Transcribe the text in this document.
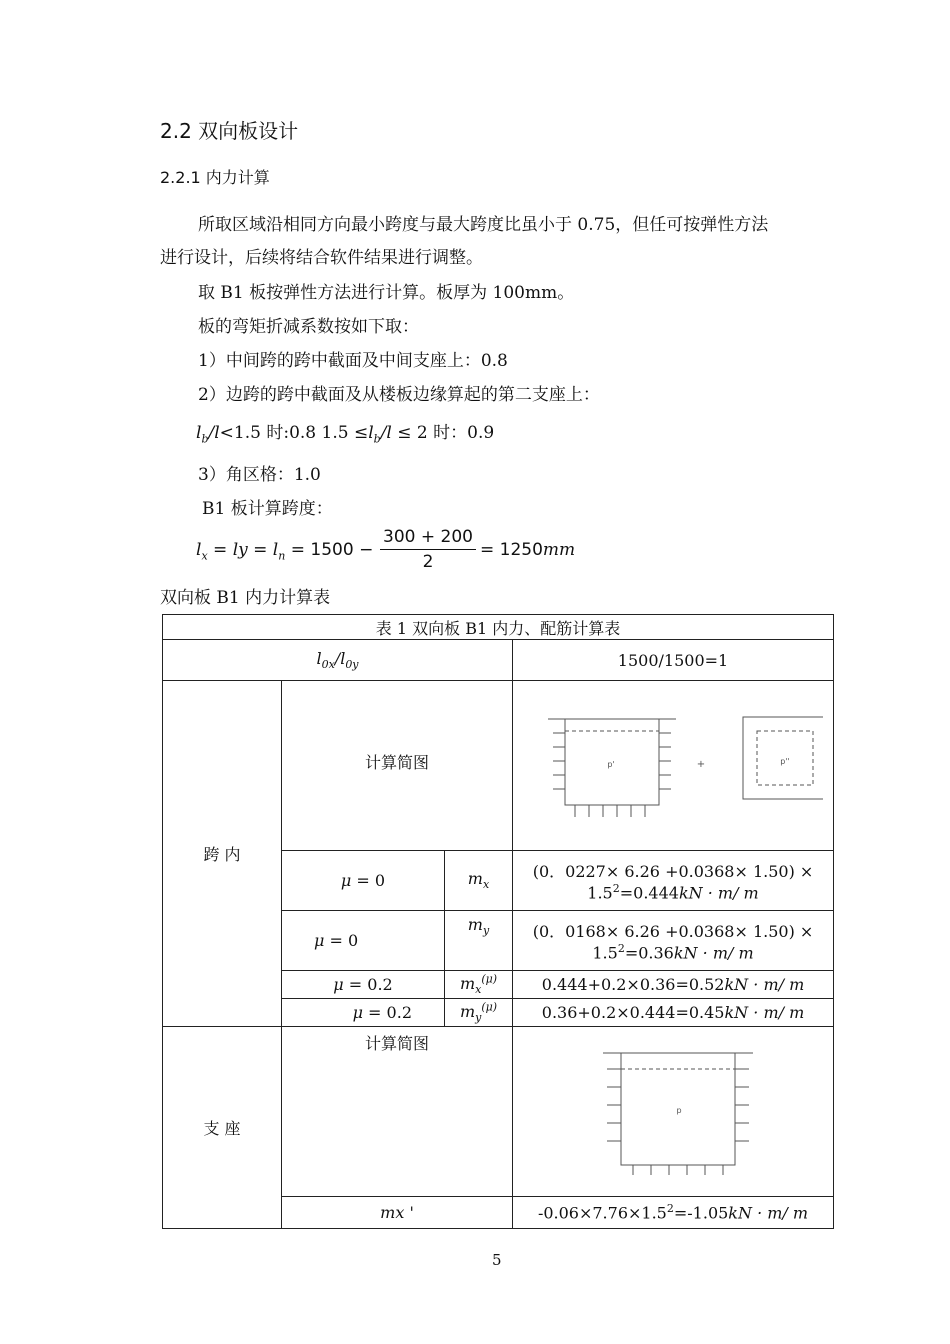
2.2 双向板设计
2.2.1 内力计算
所取区域沿相同方向最小跨度与最大跨度比虽小于 0.75，但任可按弹性方法
进行设计，后续将结合软件结果进行调整。
取 B1 板按弹性方法进行计算。板厚为 100mm。
板的弯矩折减系数按如下取：
1）中间跨的跨中截面及中间支座上：0.8
2）边跨的跨中截面及从楼板边缘算起的第二支座上：
$l_b/l<1.5$ 时:0.8 $1.5 \le l_b/l \le 2$ 时：0.9
3）角区格：1.0
B1 板计算跨度：
$l_x$ = ly = $l_n = 1500$ −
300 + 200
2
= 1250mm
双向板 B1 内力计算表
表 1 双向板 B1 内力、配筋计算表			
$l_{0x}/l_{0y}$			1500/1500=1
跨 内	计算简图		p' + p''

	μ = 0	$m_x$	(0．0227× 6.26 +0.0368× 1.50) ×
$1.5^2=0.444kN \cdot m/$ m

	μ = 0	$m_y$	(0．0168× 6.26 +0.0368× 1.50) ×
$1.5^2=0.36kN \cdot m/$ m

	μ = 0.2	$m_x^{(\mu)}$	0.444+0.2×0.36=0.52kN · m/ m
	μ = 0.2	$m_y^{(\mu)}$	0.36+0.2×0.444=0.45kN · m/ m
支 座	计算简图		p

	mx '		$-0.06\times 7.76\times 1.5^2=-1.05kN \cdot m/$ m
5
